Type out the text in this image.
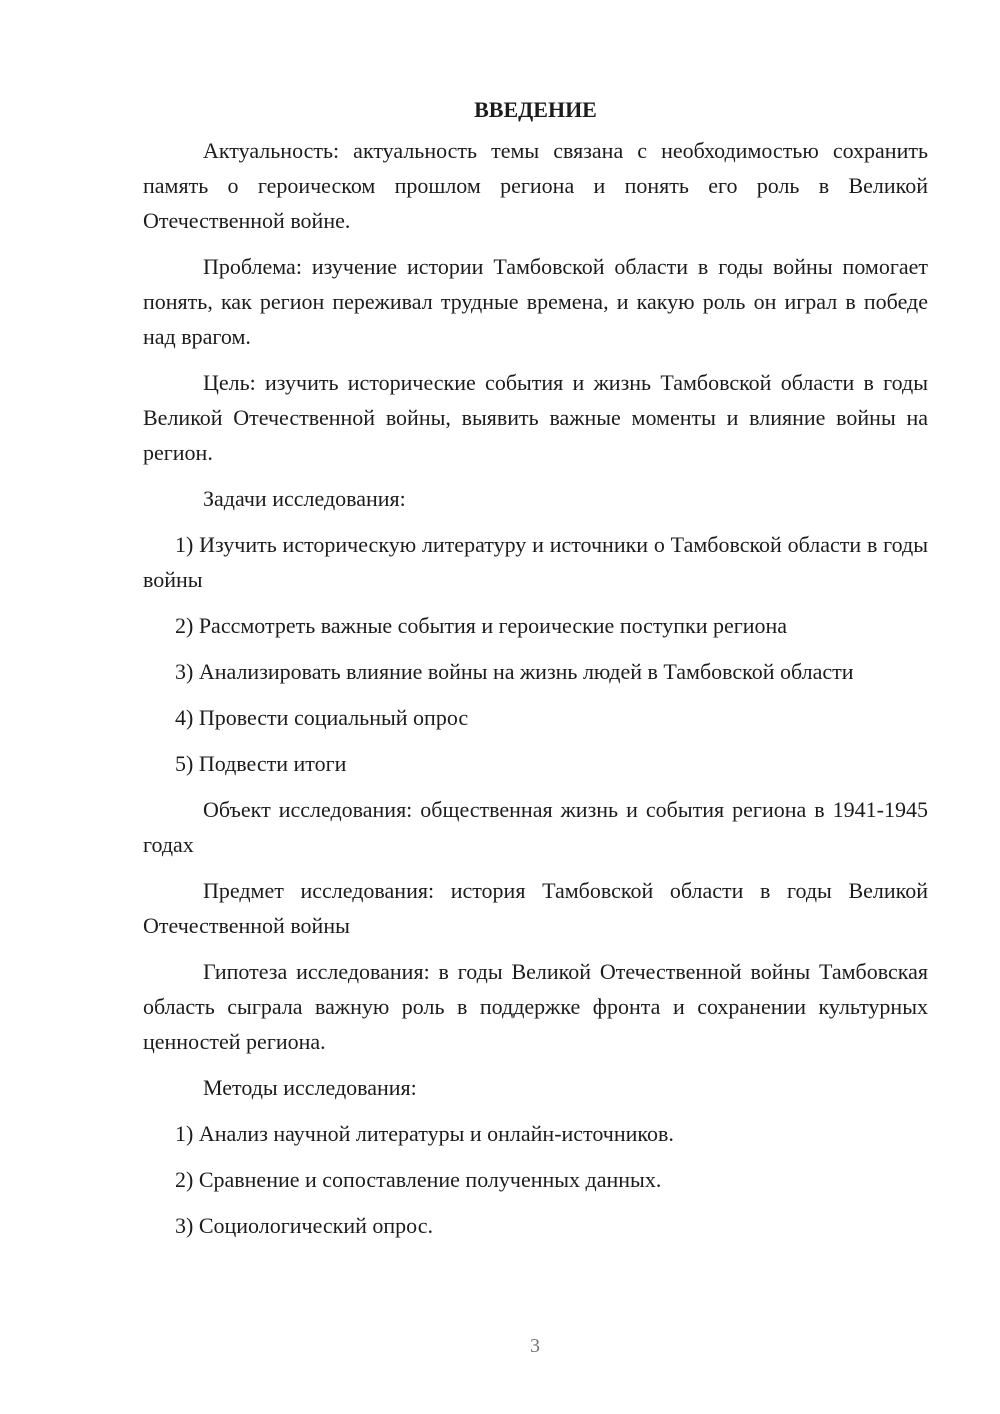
ВВЕДЕНИЕ

Актуальность: актуальность темы связана с необходимостью сохранить память о героическом прошлом региона и понять его роль в Великой Отечественной войне.

Проблема: изучение истории Тамбовской области в годы войны помогает понять, как регион переживал трудные времена, и какую роль он играл в победе над врагом.

Цель: изучить исторические события и жизнь Тамбовской области в годы Великой Отечественной войны, выявить важные моменты и влияние войны на регион.

Задачи исследования:

1) Изучить историческую литературу и источники о Тамбовской области в годы войны

2) Рассмотреть важные события и героические поступки региона

3) Анализировать влияние войны на жизнь людей в Тамбовской области

4) Провести социальный опрос

5) Подвести итоги

Объект исследования: общественная жизнь и события региона в 1941-1945 годах

Предмет исследования: история Тамбовской области в годы Великой Отечественной войны

Гипотеза исследования: в годы Великой Отечественной войны Тамбовская область сыграла важную роль в поддержке фронта и сохранении культурных ценностей региона.

Методы исследования:

1) Анализ научной литературы и онлайн-источников.

2) Сравнение и сопоставление полученных данных.

3) Социологический опрос.

3
